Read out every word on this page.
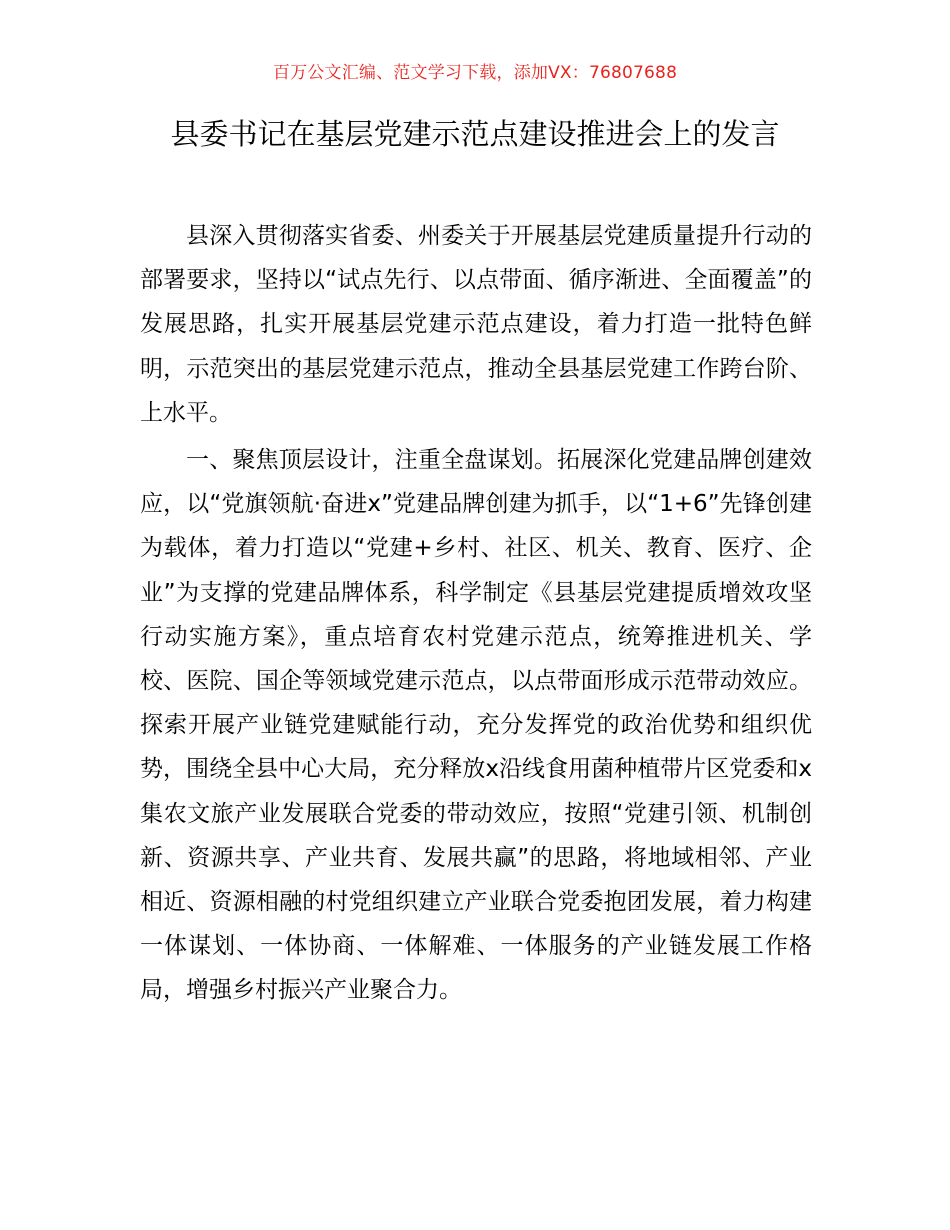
百万公文汇编、范文学习下载，添加VX：76807688
县委书记在基层党建示范点建设推进会上的发言

县深入贯彻落实省委、州委关于开展基层党建质量提升行动的部署要求，坚持以“试点先行、以点带面、循序渐进、全面覆盖”的发展思路，扎实开展基层党建示范点建设，着力打造一批特色鲜明，示范突出的基层党建示范点，推动全县基层党建工作跨台阶、上水平。

一、聚焦顶层设计，注重全盘谋划。拓展深化党建品牌创建效应，以“党旗领航·奋进x”党建品牌创建为抓手，以“1+6”先锋创建为载体，着力打造以“党建+乡村、社区、机关、教育、医疗、企业”为支撑的党建品牌体系，科学制定《县基层党建提质增效攻坚行动实施方案》，重点培育农村党建示范点，统筹推进机关、学校、医院、国企等领域党建示范点，以点带面形成示范带动效应。探索开展产业链党建赋能行动，充分发挥党的政治优势和组织优势，围绕全县中心大局，充分释放x沿线食用菌种植带片区党委和x集农文旅产业发展联合党委的带动效应，按照“党建引领、机制创新、资源共享、产业共育、发展共赢”的思路，将地域相邻、产业相近、资源相融的村党组织建立产业联合党委抱团发展，着力构建一体谋划、一体协商、一体解难、一体服务的产业链发展工作格局，增强乡村振兴产业聚合力。
